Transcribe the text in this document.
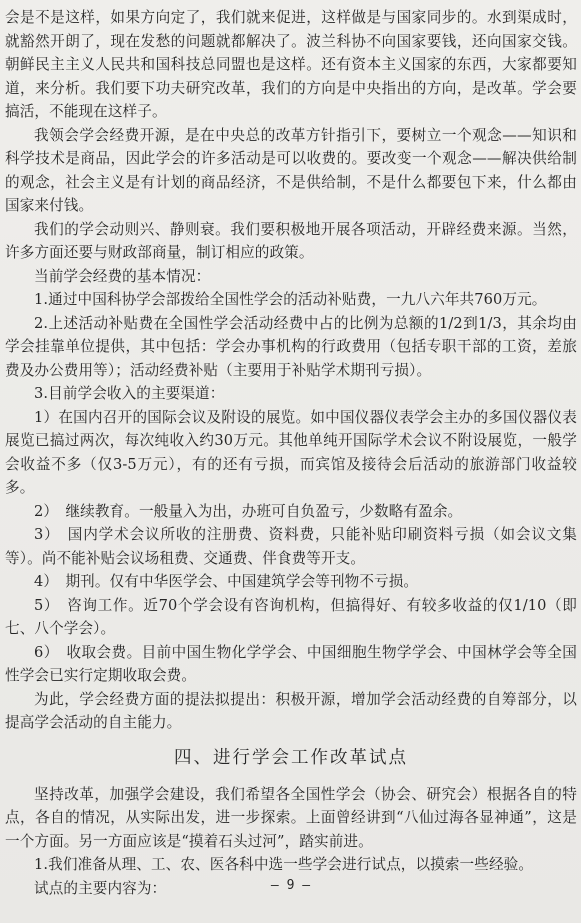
会是不是这样，如果方向定了，我们就来促进，这样做是与国家同步的。水到渠成时，就豁然开朗了，现在发愁的问题就都解决了。波兰科协不向国家要钱，还向国家交钱。朝鲜民主主义人民共和国科技总同盟也是这样。还有资本主义国家的东西，大家都要知道，来分析。我们要下功夫研究改革，我们的方向是中央指出的方向，是改革。学会要搞活，不能现在这样子。

我领会学会经费开源，是在中央总的改革方针指引下，要树立一个观念——知识和科学技术是商品，因此学会的许多活动是可以收费的。要改变一个观念——解决供给制的观念，社会主义是有计划的商品经济，不是供给制，不是什么都要包下来，什么都由国家来付钱。

我们的学会动则兴、静则衰。我们要积极地开展各项活动，开辟经费来源。当然，许多方面还要与财政部商量，制订相应的政策。

当前学会经费的基本情况：

1.通过中国科协学会部拨给全国性学会的活动补贴费，一九八六年共760万元。

2.上述活动补贴费在全国性学会活动经费中占的比例为总额的1/2到1/3，其余均由学会挂靠单位提供，其中包括：学会办事机构的行政费用（包括专职干部的工资，差旅费及办公费用等）；活动经费补贴（主要用于补贴学术期刊亏损）。

3.目前学会收入的主要渠道：

1）在国内召开的国际会议及附设的展览。如中国仪器仪表学会主办的多国仪器仪表展览已搞过两次，每次纯收入约30万元。其他单纯开国际学术会议不附设展览，一般学会收益不多（仅3-5万元），有的还有亏损，而宾馆及接待会后活动的旅游部门收益较多。

2）　继续教育。一般量入为出，办班可自负盈亏，少数略有盈余。

3）　国内学术会议所收的注册费、资料费，只能补贴印刷资料亏损（如会议文集等）。尚不能补贴会议场租费、交通费、伴食费等开支。

4）　期刊。仅有中华医学会、中国建筑学会等刊物不亏损。

5）　咨询工作。近70个学会设有咨询机构，但搞得好、有较多收益的仅1/10（即七、八个学会）。

6）　收取会费。目前中国生物化学学会、中国细胞生物学学会、中国林学会等全国性学会已实行定期收取会费。

为此，学会经费方面的提法拟提出：积极开源，增加学会活动经费的自筹部分，以提高学会活动的自主能力。

四、进行学会工作改革试点

坚持改革，加强学会建设，我们希望各全国性学会（协会、研究会）根据各自的特点，各自的情况，从实际出发，进一步探索。上面曾经讲到“八仙过海各显神通”，这是一个方面。另一方面应该是“摸着石头过河”，踏实前进。

1.我们准备从理、工、农、医各科中选一些学会进行试点，以摸索一些经验。

试点的主要内容为：	— 9 —
